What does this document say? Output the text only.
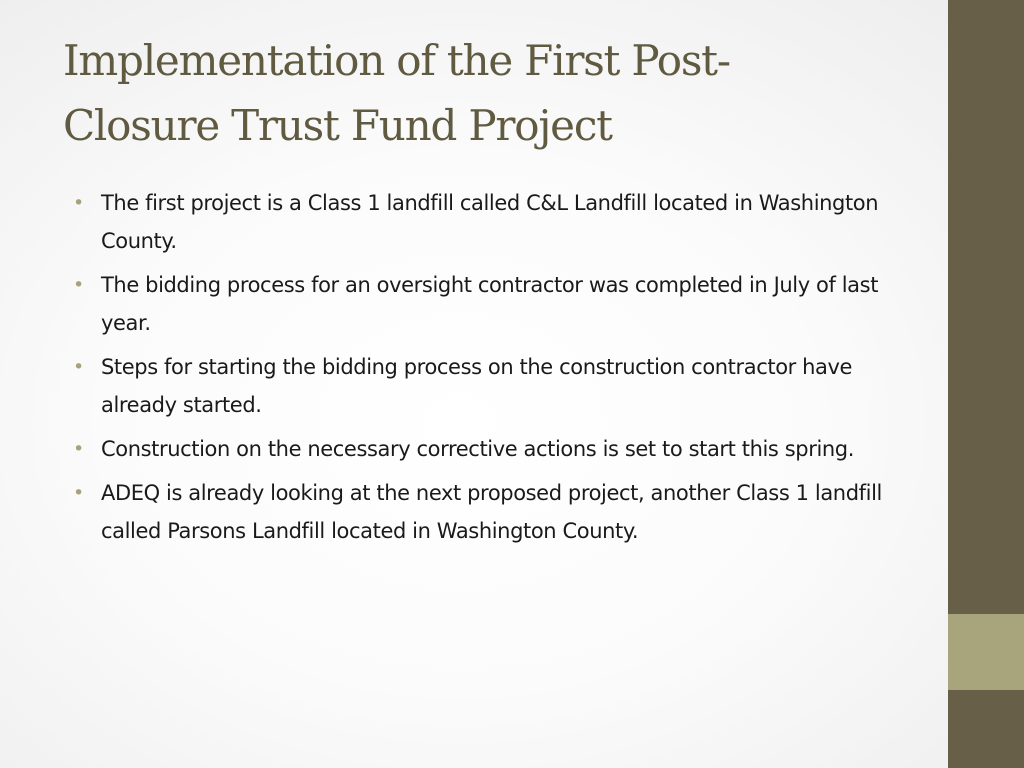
Implementation of the First Post-
Closure Trust Fund Project
• The first project is a Class 1 landfill called C&L Landfill located in Washington County.
• The bidding process for an oversight contractor was completed in July of last year.
• Steps for starting the bidding process on the construction contractor have already started.
• Construction on the necessary corrective actions is set to start this spring.
• ADEQ is already looking at the next proposed project, another Class 1 landfill called Parsons Landfill located in Washington County.
